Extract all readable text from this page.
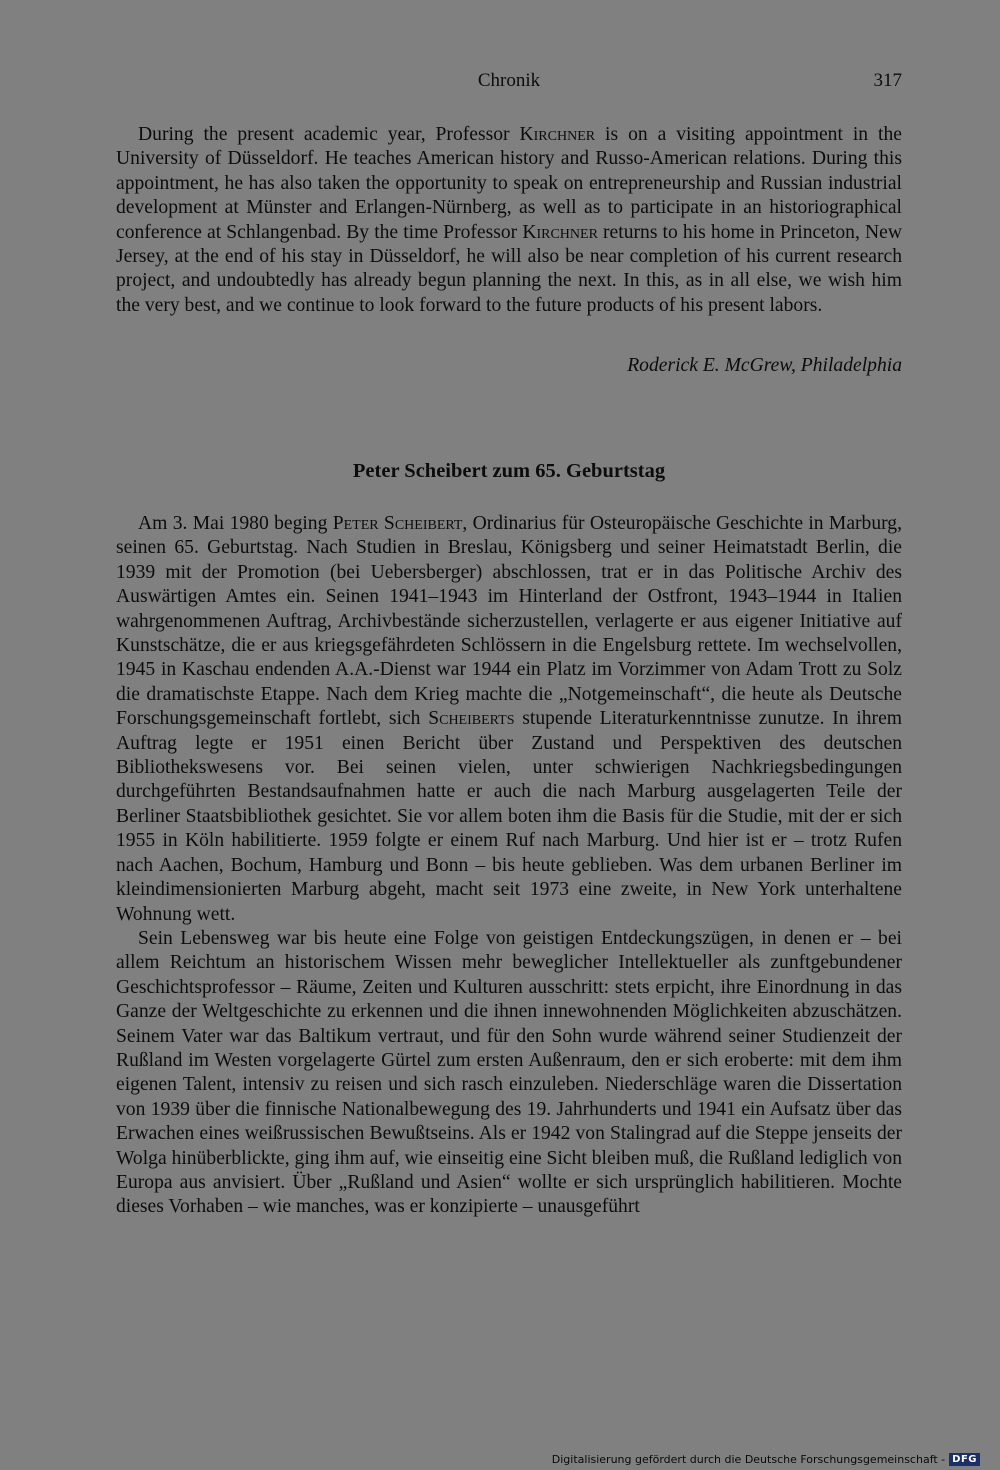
Chronik	317

During the present academic year, Professor Kirchner is on a visiting appointment in the University of Düsseldorf. He teaches American history and Russo-American relations. During this appointment, he has also taken the opportunity to speak on entrepreneurship and Russian industrial development at Münster and Erlangen-Nürnberg, as well as to participate in an historiographical conference at Schlangenbad. By the time Professor Kirchner returns to his home in Princeton, New Jersey, at the end of his stay in Düsseldorf, he will also be near completion of his current research project, and undoubtedly has already begun planning the next. In this, as in all else, we wish him the very best, and we continue to look forward to the future products of his present labors.

Roderick E. McGrew, Philadelphia
Peter Scheibert zum 65. Geburtstag

Am 3. Mai 1980 beging Peter Scheibert, Ordinarius für Osteuropäische Geschichte in Marburg, seinen 65. Geburtstag. Nach Studien in Breslau, Königsberg und seiner Heimatstadt Berlin, die 1939 mit der Promotion (bei Uebersberger) abschlossen, trat er in das Politische Archiv des Auswärtigen Amtes ein. Seinen 1941–1943 im Hinterland der Ostfront, 1943–1944 in Italien wahrgenommenen Auftrag, Archivbestände sicherzustellen, verlagerte er aus eigener Initiative auf Kunstschätze, die er aus kriegsgefährdeten Schlössern in die Engelsburg rettete. Im wechselvollen, 1945 in Kaschau endenden A.A.-Dienst war 1944 ein Platz im Vorzimmer von Adam Trott zu Solz die dramatischste Etappe. Nach dem Krieg machte die „Notgemeinschaft“, die heute als Deutsche Forschungsgemeinschaft fortlebt, sich Scheiberts stupende Literaturkenntnisse zunutze. In ihrem Auftrag legte er 1951 einen Bericht über Zustand und Perspektiven des deutschen Bibliothekswesens vor. Bei seinen vielen, unter schwierigen Nachkriegsbedingungen durchgeführten Bestandsaufnahmen hatte er auch die nach Marburg ausgelagerten Teile der Berliner Staatsbibliothek gesichtet. Sie vor allem boten ihm die Basis für die Studie, mit der er sich 1955 in Köln habilitierte. 1959 folgte er einem Ruf nach Marburg. Und hier ist er – trotz Rufen nach Aachen, Bochum, Hamburg und Bonn – bis heute geblieben. Was dem urbanen Berliner im kleindimensionierten Marburg abgeht, macht seit 1973 eine zweite, in New York unterhaltene Wohnung wett.

Sein Lebensweg war bis heute eine Folge von geistigen Entdeckungszügen, in denen er – bei allem Reichtum an historischem Wissen mehr beweglicher Intellektueller als zunftgebundener Geschichtsprofessor – Räume, Zeiten und Kulturen ausschritt: stets erpicht, ihre Einordnung in das Ganze der Weltgeschichte zu erkennen und die ihnen innewohnenden Möglichkeiten abzuschätzen. Seinem Vater war das Baltikum vertraut, und für den Sohn wurde während seiner Studienzeit der Rußland im Westen vorgelagerte Gürtel zum ersten Außenraum, den er sich eroberte: mit dem ihm eigenen Talent, intensiv zu reisen und sich rasch einzuleben. Niederschläge waren die Dissertation von 1939 über die finnische Nationalbewegung des 19. Jahrhunderts und 1941 ein Aufsatz über das Erwachen eines weißrussischen Bewußtseins. Als er 1942 von Stalingrad auf die Steppe jenseits der Wolga hinüberblickte, ging ihm auf, wie einseitig eine Sicht bleiben muß, die Rußland lediglich von Europa aus anvisiert. Über „Rußland und Asien“ wollte er sich ursprünglich habilitieren. Mochte dieses Vorhaben – wie manches, was er konzipierte – unausgeführt

Digitalisierung gefördert durch die Deutsche Forschungsgemeinschaft - DFG
